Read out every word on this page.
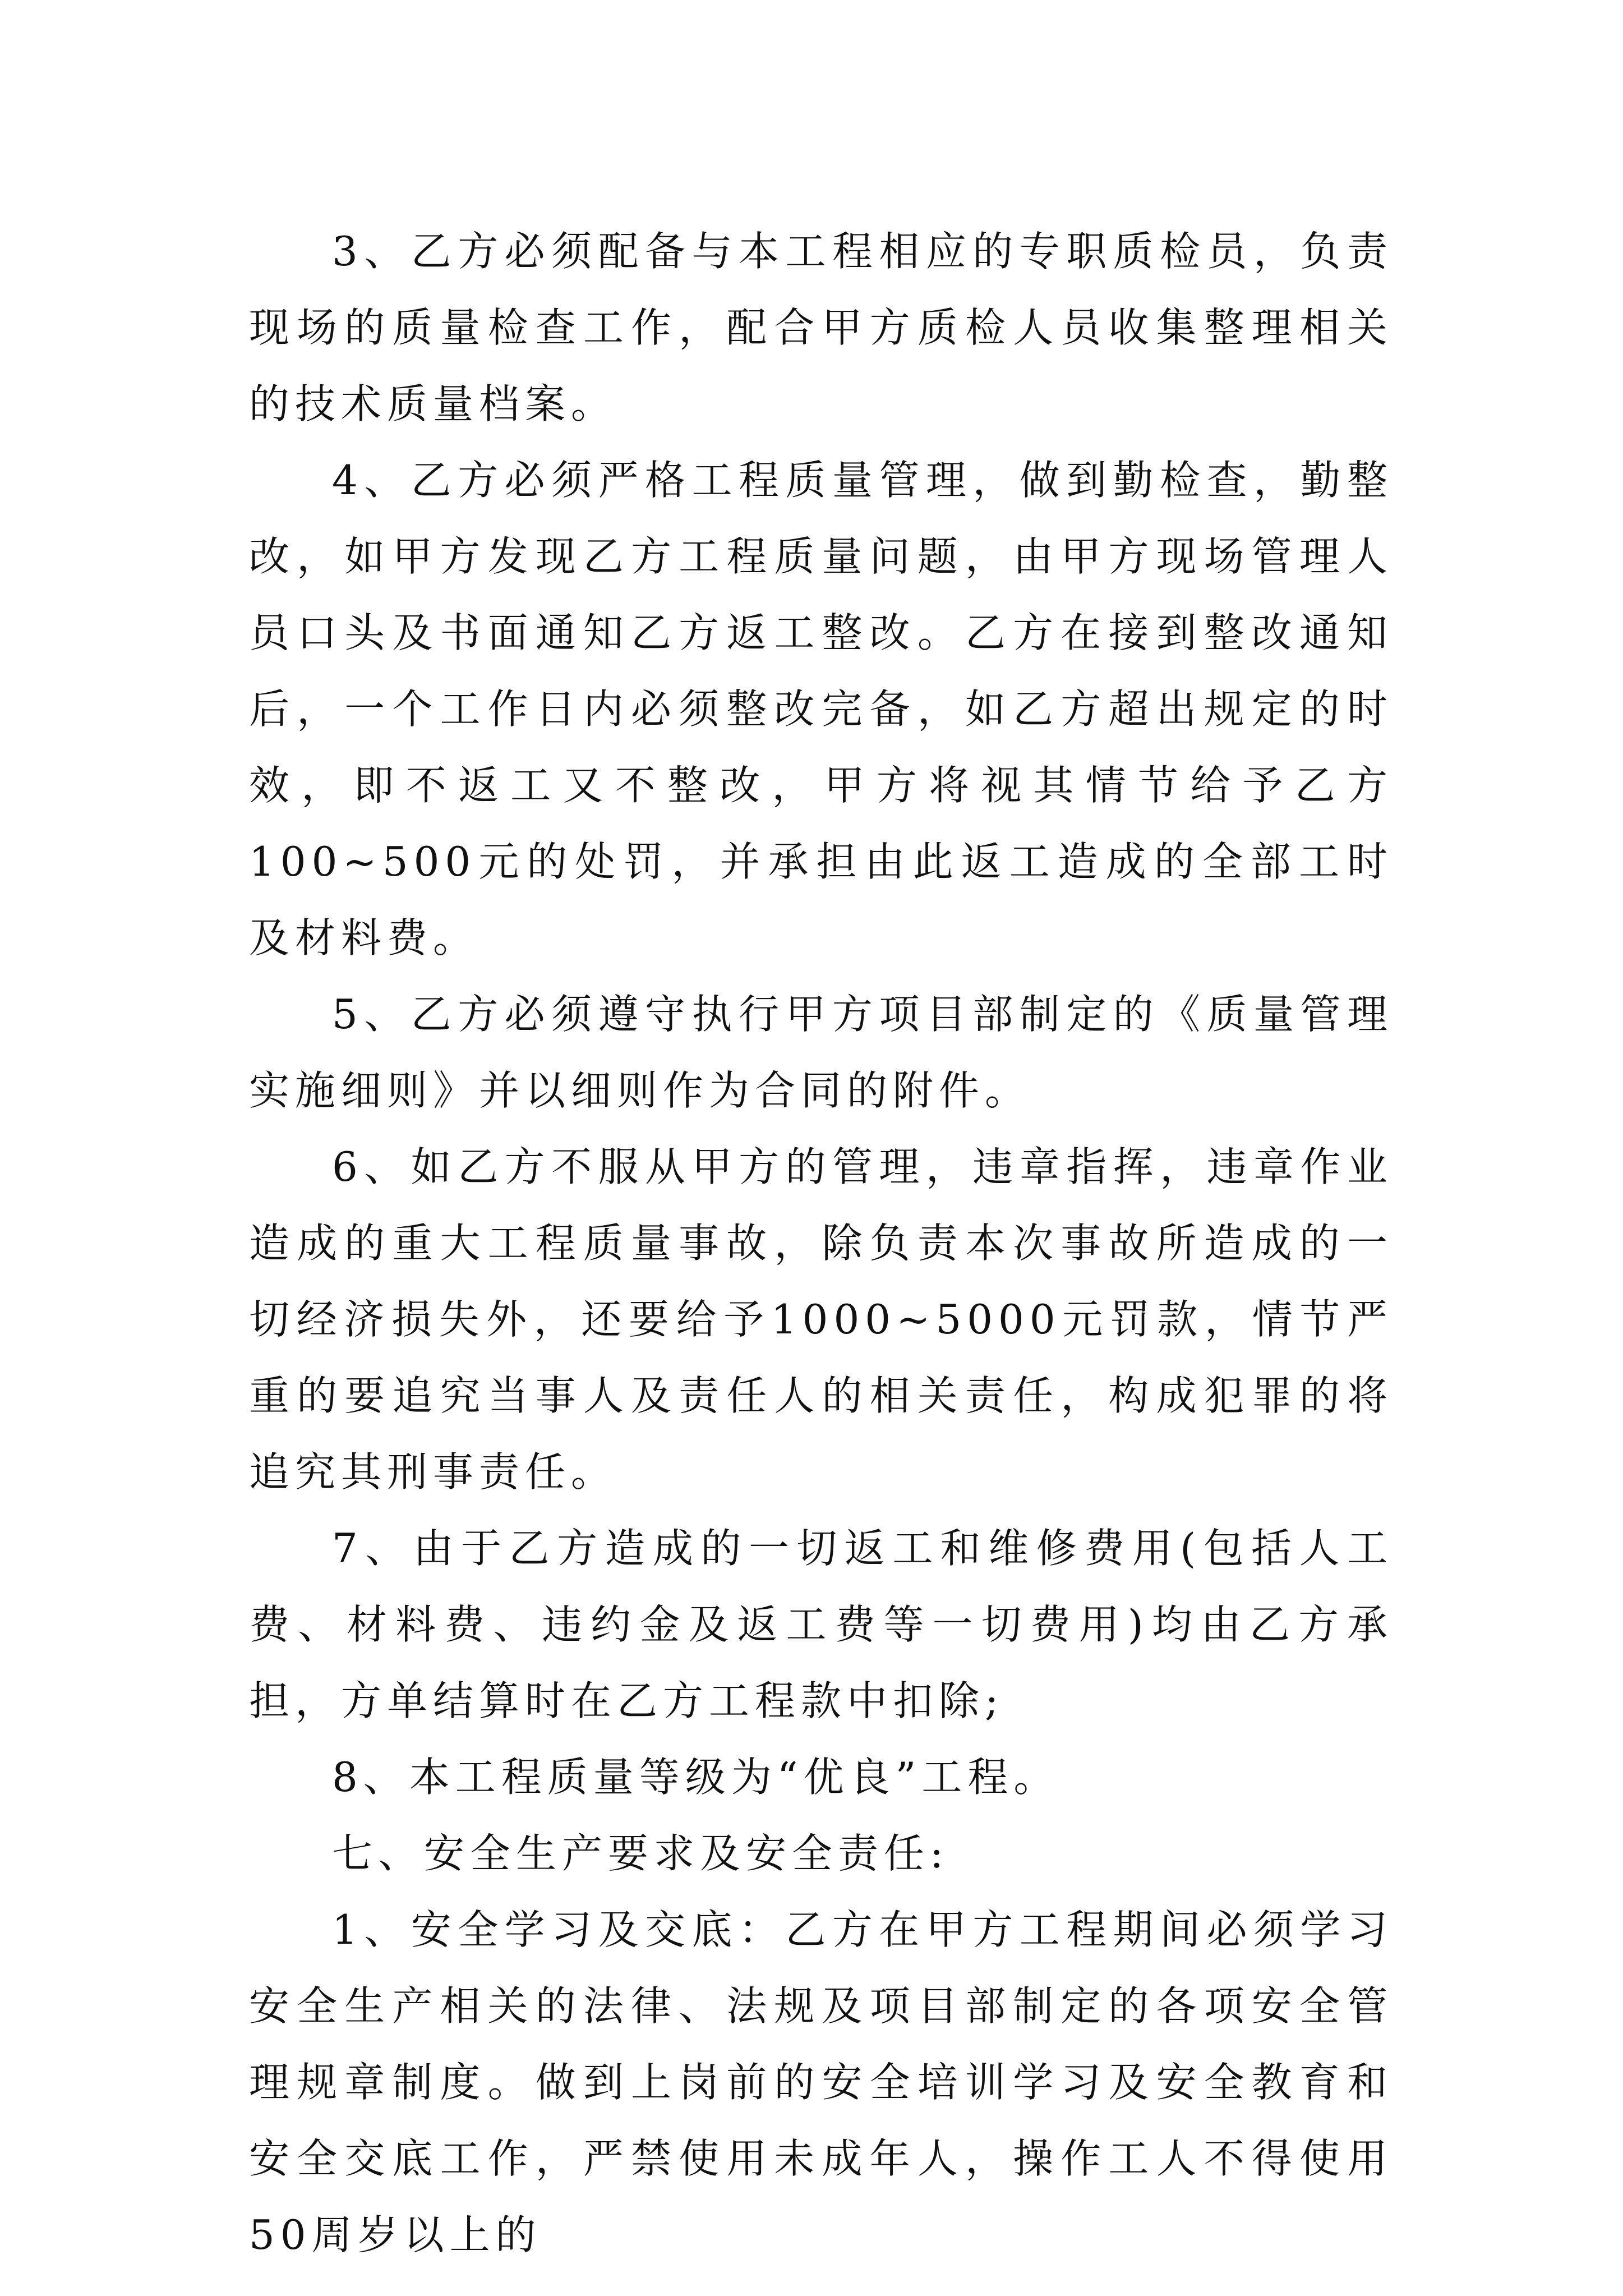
3、乙方必须配备与本工程相应的专职质检员，负责现场的质量检查工作，配合甲方质检人员收集整理相关的技术质量档案。

4、乙方必须严格工程质量管理，做到勤检查，勤整改，如甲方发现乙方工程质量问题，由甲方现场管理人员口头及书面通知乙方返工整改。乙方在接到整改通知后，一个工作日内必须整改完备，如乙方超出规定的时效，即不返工又不整改，甲方将视其情节给予乙方100~500元的处罚，并承担由此返工造成的全部工时及材料费。

5、乙方必须遵守执行甲方项目部制定的《质量管理实施细则》并以细则作为合同的附件。

6、如乙方不服从甲方的管理，违章指挥，违章作业造成的重大工程质量事故，除负责本次事故所造成的一切经济损失外，还要给予1000~5000元罚款，情节严重的要追究当事人及责任人的相关责任，构成犯罪的将追究其刑事责任。

7、由于乙方造成的一切返工和维修费用(包括人工费、材料费、违约金及返工费等一切费用)均由乙方承担，方单结算时在乙方工程款中扣除;

8、本工程质量等级为“优良”工程。

七、安全生产要求及安全责任:

1、安全学习及交底：乙方在甲方工程期间必须学习安全生产相关的法律、法规及项目部制定的各项安全管理规章制度。做到上岗前的安全培训学习及安全教育和安全交底工作，严禁使用未成年人，操作工人不得使用50周岁以上的
